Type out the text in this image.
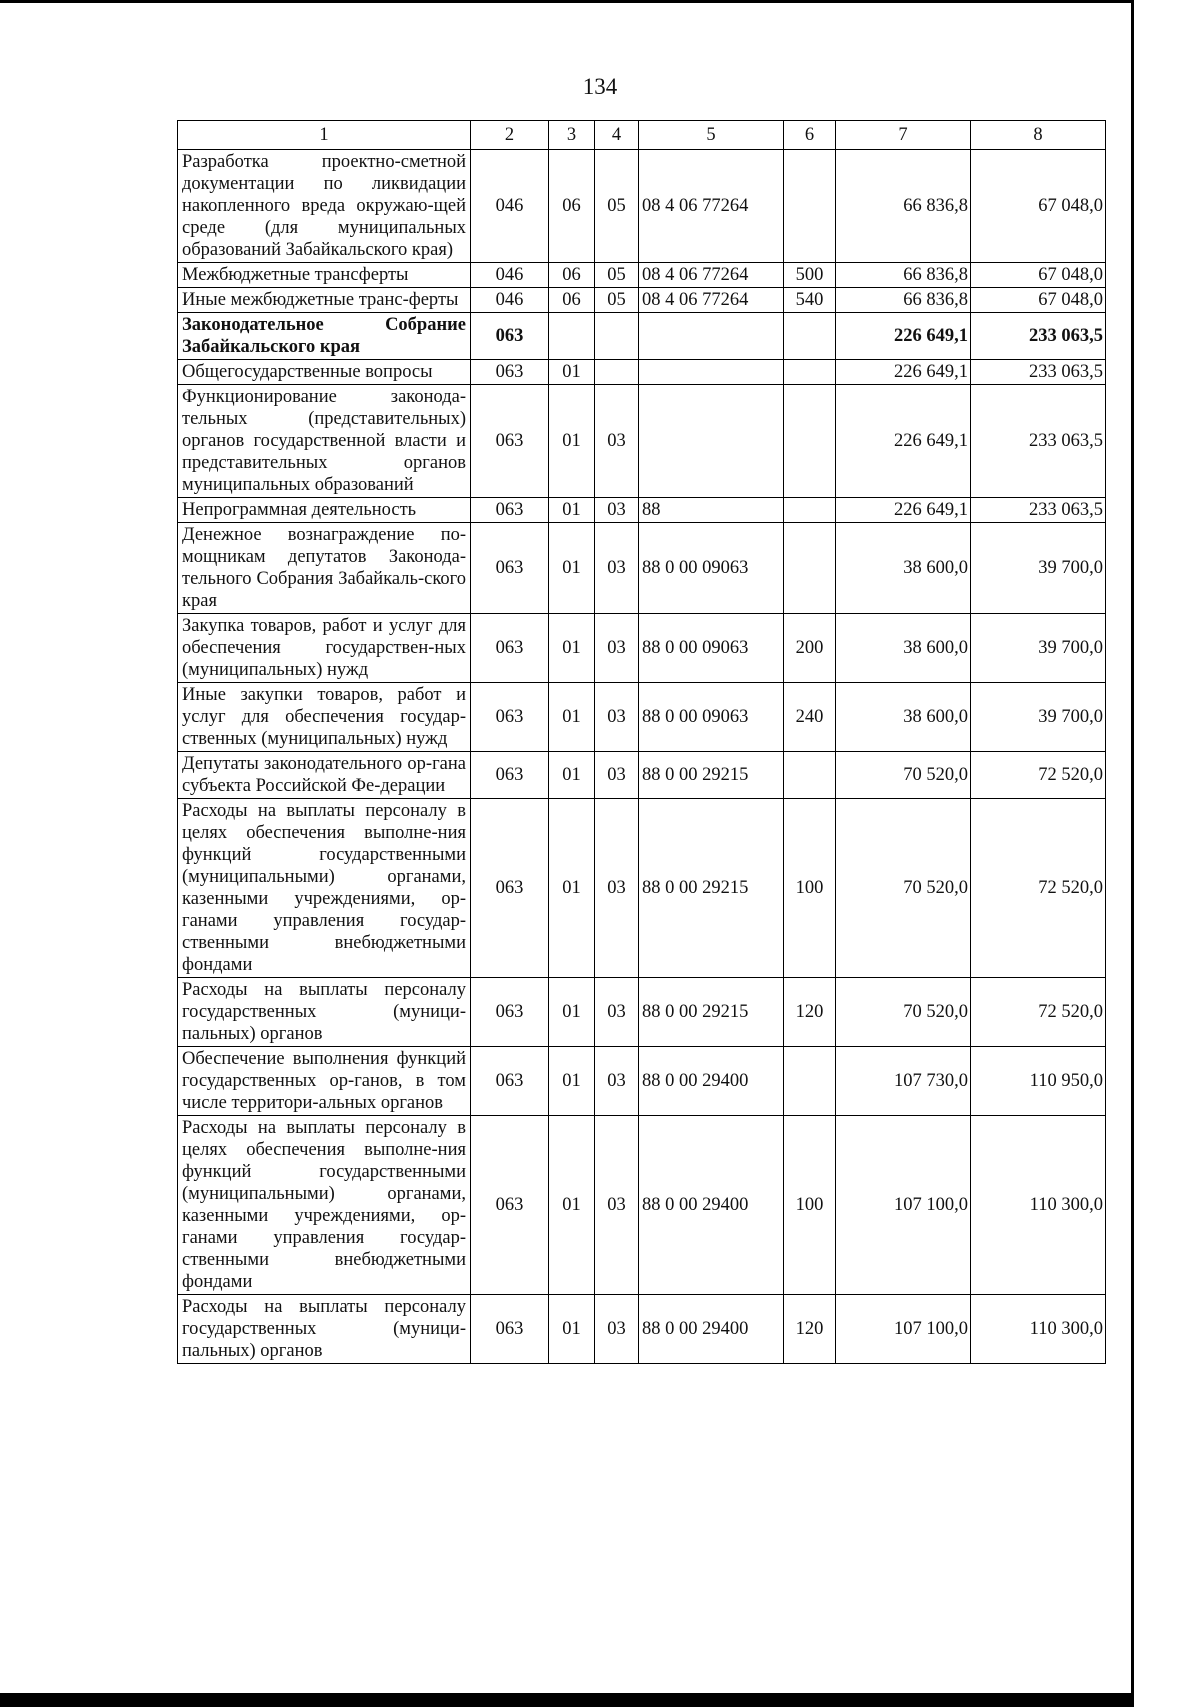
134
1	2	3	4	5	6	7	8
Разработка проектно-сметной документации по ликвидации накопленного вреда окружаю-щей среде (для муниципальных образований Забайкальского края)	046	06	05	08 4 06 77264		66 836,8	67 048,0
Межбюджетные трансферты	046	06	05	08 4 06 77264	500	66 836,8	67 048,0
Иные межбюджетные транс-ферты	046	06	05	08 4 06 77264	540	66 836,8	67 048,0
Законодательное Собрание Забайкальского края	063					226 649,1	233 063,5
Общегосударственные вопросы	063	01				226 649,1	233 063,5
Функционирование законода-тельных (представительных) органов государственной власти и представительных органов муниципальных образований	063	01	03			226 649,1	233 063,5
Непрограммная деятельность	063	01	03	88		226 649,1	233 063,5
Денежное вознаграждение по-мощникам депутатов Законода-тельного Собрания Забайкаль-ского края	063	01	03	88 0 00 09063		38 600,0	39 700,0
Закупка товаров, работ и услуг для обеспечения государствен-ных (муниципальных) нужд	063	01	03	88 0 00 09063	200	38 600,0	39 700,0
Иные закупки товаров, работ и услуг для обеспечения государ-ственных (муниципальных) нужд	063	01	03	88 0 00 09063	240	38 600,0	39 700,0
Депутаты законодательного ор-гана субъекта Российской Фе-дерации	063	01	03	88 0 00 29215		70 520,0	72 520,0
Расходы на выплаты персоналу в целях обеспечения выполне-ния функций государственными (муниципальными) органами, казенными учреждениями, ор-ганами управления государ-ственными внебюджетными фондами	063	01	03	88 0 00 29215	100	70 520,0	72 520,0
Расходы на выплаты персоналу государственных (муници-пальных) органов	063	01	03	88 0 00 29215	120	70 520,0	72 520,0
Обеспечение выполнения функций государственных ор-ганов, в том числе территори-альных органов	063	01	03	88 0 00 29400		107 730,0	110 950,0
Расходы на выплаты персоналу в целях обеспечения выполне-ния функций государственными (муниципальными) органами, казенными учреждениями, ор-ганами управления государ-ственными внебюджетными фондами	063	01	03	88 0 00 29400	100	107 100,0	110 300,0
Расходы на выплаты персоналу государственных (муници-пальных) органов	063	01	03	88 0 00 29400	120	107 100,0	110 300,0
